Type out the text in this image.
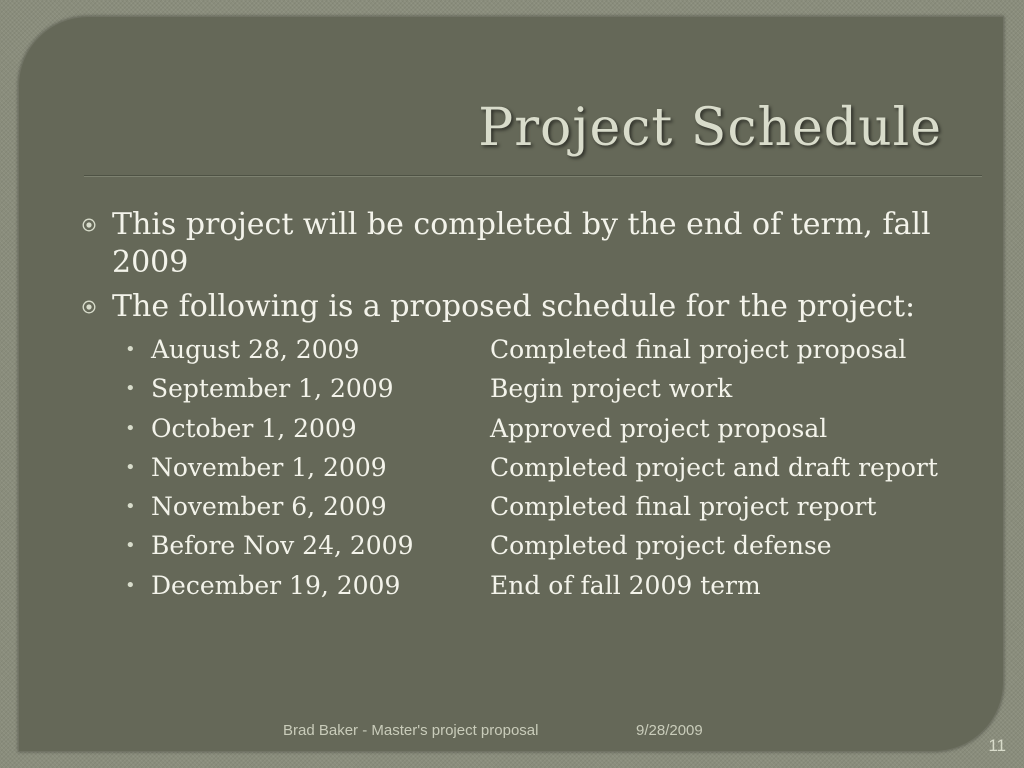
Project Schedule
This project will be completed by the end of term, fall 2009
The following is a proposed schedule for the project:
• August 28, 2009	Completed final project proposal
• September 1, 2009	Begin project work
• October 1, 2009	Approved project proposal
• November 1, 2009	Completed project and draft report
• November 6, 2009	Completed final project report
• Before Nov 24, 2009	Completed project defense
• December 19, 2009	End of fall 2009 term
Brad Baker - Master's project proposal	9/28/2009
11
